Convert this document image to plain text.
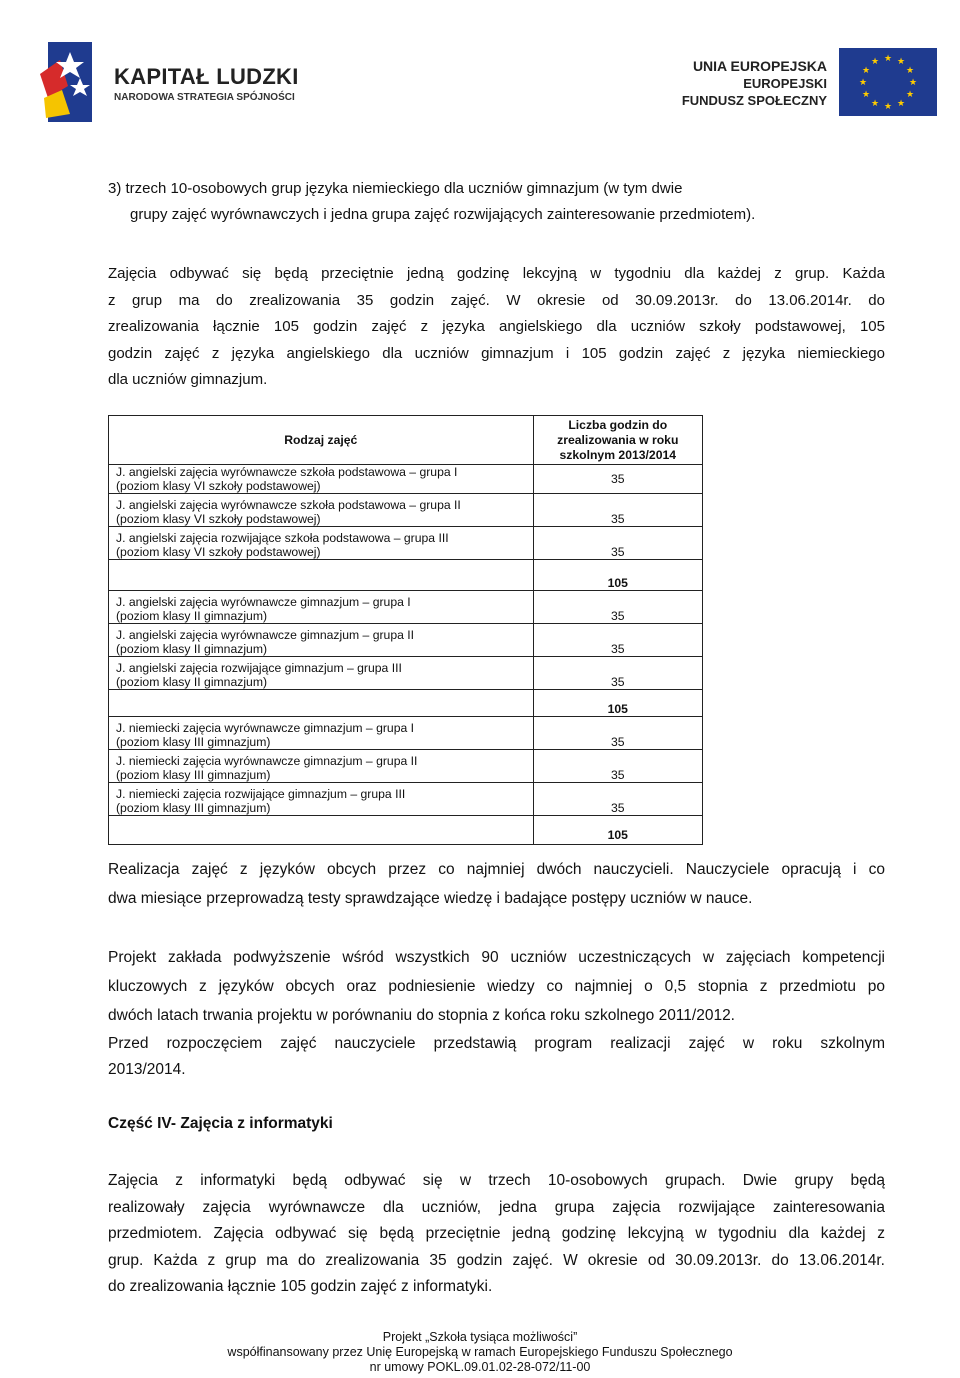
KAPITAŁ LUDZKI
NARODOWA STRATEGIA SPÓJNOŚCI
UNIA EUROPEJSKA
EUROPEJSKI
FUNDUSZ SPOŁECZNY
★ ★
★
★
★
★
★
★
★
★
★
★
3) trzech 10-osobowych grup języka niemieckiego dla uczniów gimnazjum (w tym dwie
grupy zajęć wyrównawczych i jedna grupa zajęć rozwijających zainteresowanie przedmiotem).
Zajęcia odbywać się będą przeciętnie jedną godzinę lekcyjną w tygodniu dla każdej z grup. Każda
z grup ma do zrealizowania 35 godzin zajęć. W okresie od 30.09.2013r. do 13.06.2014r. do
zrealizowania łącznie 105 godzin zajęć z języka angielskiego dla uczniów szkoły podstawowej, 105
godzin zajęć z języka angielskiego dla uczniów gimnazjum i 105 godzin zajęć z języka niemieckiego
dla uczniów gimnazjum.
Rodzaj zajęć	Liczba godzin do
zrealizowania w roku
szkolnym 2013/2014

J. angielski zajęcia wyrównawcze szkoła podstawowa – grupa I
(poziom klasy VI szkoły podstawowej)	35

J. angielski zajęcia wyrównawcze szkoła podstawowa – grupa II
(poziom klasy VI szkoły podstawowej)	35

J. angielski zajęcia rozwijające szkoła podstawowa – grupa III
(poziom klasy VI szkoły podstawowej)	35
	105

J. angielski zajęcia wyrównawcze gimnazjum – grupa I
(poziom klasy II gimnazjum)	35

J. angielski zajęcia wyrównawcze gimnazjum – grupa II
(poziom klasy II gimnazjum)	35

J. angielski zajęcia rozwijające gimnazjum – grupa III
(poziom klasy II gimnazjum)	35
	105

J. niemiecki zajęcia wyrównawcze gimnazjum – grupa I
(poziom klasy III gimnazjum)	35

J. niemiecki zajęcia wyrównawcze gimnazjum – grupa II
(poziom klasy III gimnazjum)	35

J. niemiecki zajęcia rozwijające gimnazjum – grupa III
(poziom klasy III gimnazjum)	35
	105
Realizacja zajęć z języków obcych przez co najmniej dwóch nauczycieli. Nauczyciele opracują i co
dwa miesiące przeprowadzą testy sprawdzające wiedzę i badające postępy uczniów w nauce.
Projekt zakłada podwyższenie wśród wszystkich 90 uczniów uczestniczących w zajęciach kompetencji
kluczowych z języków obcych oraz podniesienie wiedzy co najmniej o 0,5 stopnia z przedmiotu po
dwóch latach trwania projektu w porównaniu do stopnia z końca roku szkolnego 2011/2012.
Przed rozpoczęciem zajęć nauczyciele przedstawią program realizacji zajęć w roku szkolnym
2013/2014.
Część IV- Zajęcia z informatyki
Zajęcia z informatyki będą odbywać się w trzech 10-osobowych grupach. Dwie grupy będą
realizowały zajęcia wyrównawcze dla uczniów, jedna grupa zajęcia rozwijające zainteresowania
przedmiotem. Zajęcia odbywać się będą przeciętnie jedną godzinę lekcyjną w tygodniu dla każdej z
grup. Każda z grup ma do zrealizowania 35 godzin zajęć. W okresie od 30.09.2013r. do 13.06.2014r.
do zrealizowania łącznie 105 godzin zajęć z informatyki.
Projekt „Szkoła tysiąca możliwości”
współfinansowany przez Unię Europejską w ramach Europejskiego Funduszu Społecznego
nr umowy POKL.09.01.02-28-072/11-00
